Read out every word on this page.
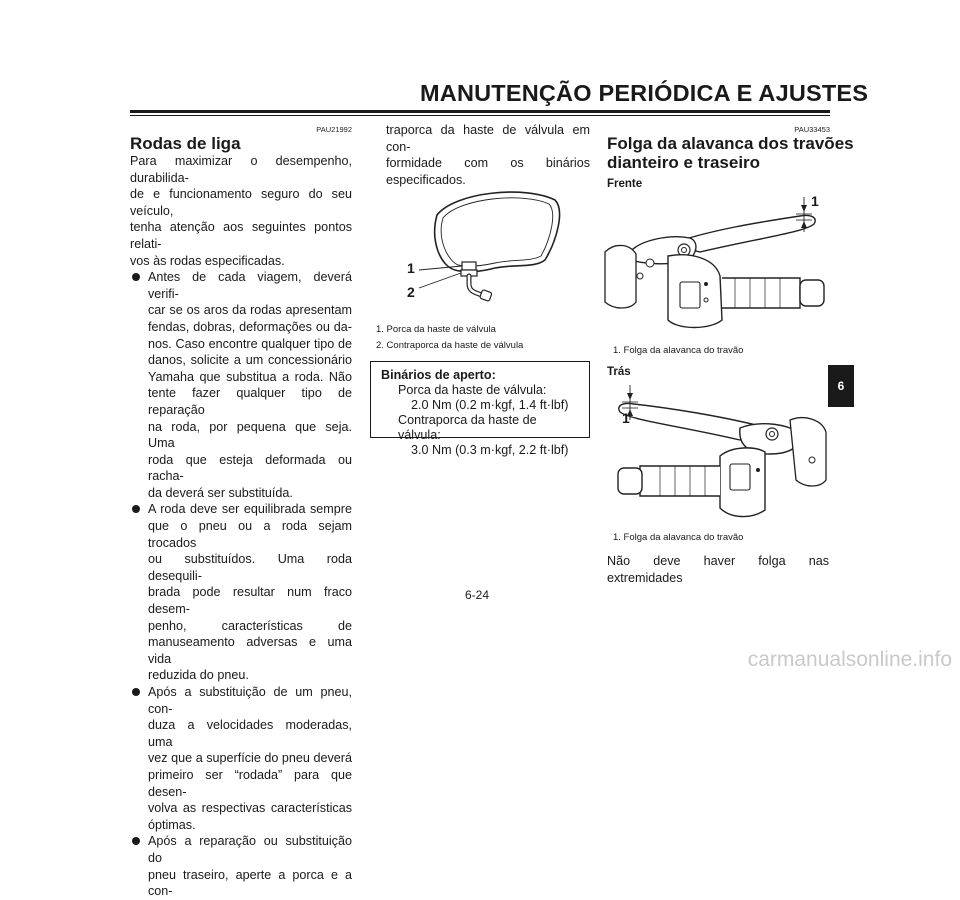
MANUTENÇÃO PERIÓDICA E AJUSTES
6
PAU21992
Rodas de liga
Para maximizar o desempenho, durabilida-
de e funcionamento seguro do seu veículo,
tenha atenção aos seguintes pontos relati-
vos às rodas especificadas.
Antes de cada viagem, deverá verifi-
car se os aros da rodas apresentam
fendas, dobras, deformações ou da-
nos. Caso encontre qualquer tipo de
danos, solicite a um concessionário
Yamaha que substitua a roda. Não
tente fazer qualquer tipo de reparação
na roda, por pequena que seja. Uma
roda que esteja deformada ou racha-
da deverá ser substituída.
A roda deve ser equilibrada sempre
que o pneu ou a roda sejam trocados
ou substituídos. Uma roda desequili-
brada pode resultar num fraco desem-
penho, características de
manuseamento adversas e uma vida
reduzida do pneu.
Após a substituição de um pneu, con-
duza a velocidades moderadas, uma
vez que a superfície do pneu deverá
primeiro ser “rodada” para que desen-
volva as respectivas características
óptimas.
Após a reparação ou substituição do
pneu traseiro, aperte a porca e a con-
traporca da haste de válvula em con-
formidade com os binários
especificados.
1
2
1. Porca da haste de válvula
2. Contraporca da haste de válvula
Binários de aperto:
Porca da haste de válvula:
2.0 Nm (0.2 m·kgf, 1.4 ft·lbf)
Contraporca da haste de válvula:
3.0 Nm (0.3 m·kgf, 2.2 ft·lbf)
PAU33453
Folga da alavanca dos travões
dianteiro e traseiro
Frente
1
1. Folga da alavanca do travão
Trás
1
1. Folga da alavanca do travão
Não deve haver folga nas extremidades
6-24
carmanualsonline.info
